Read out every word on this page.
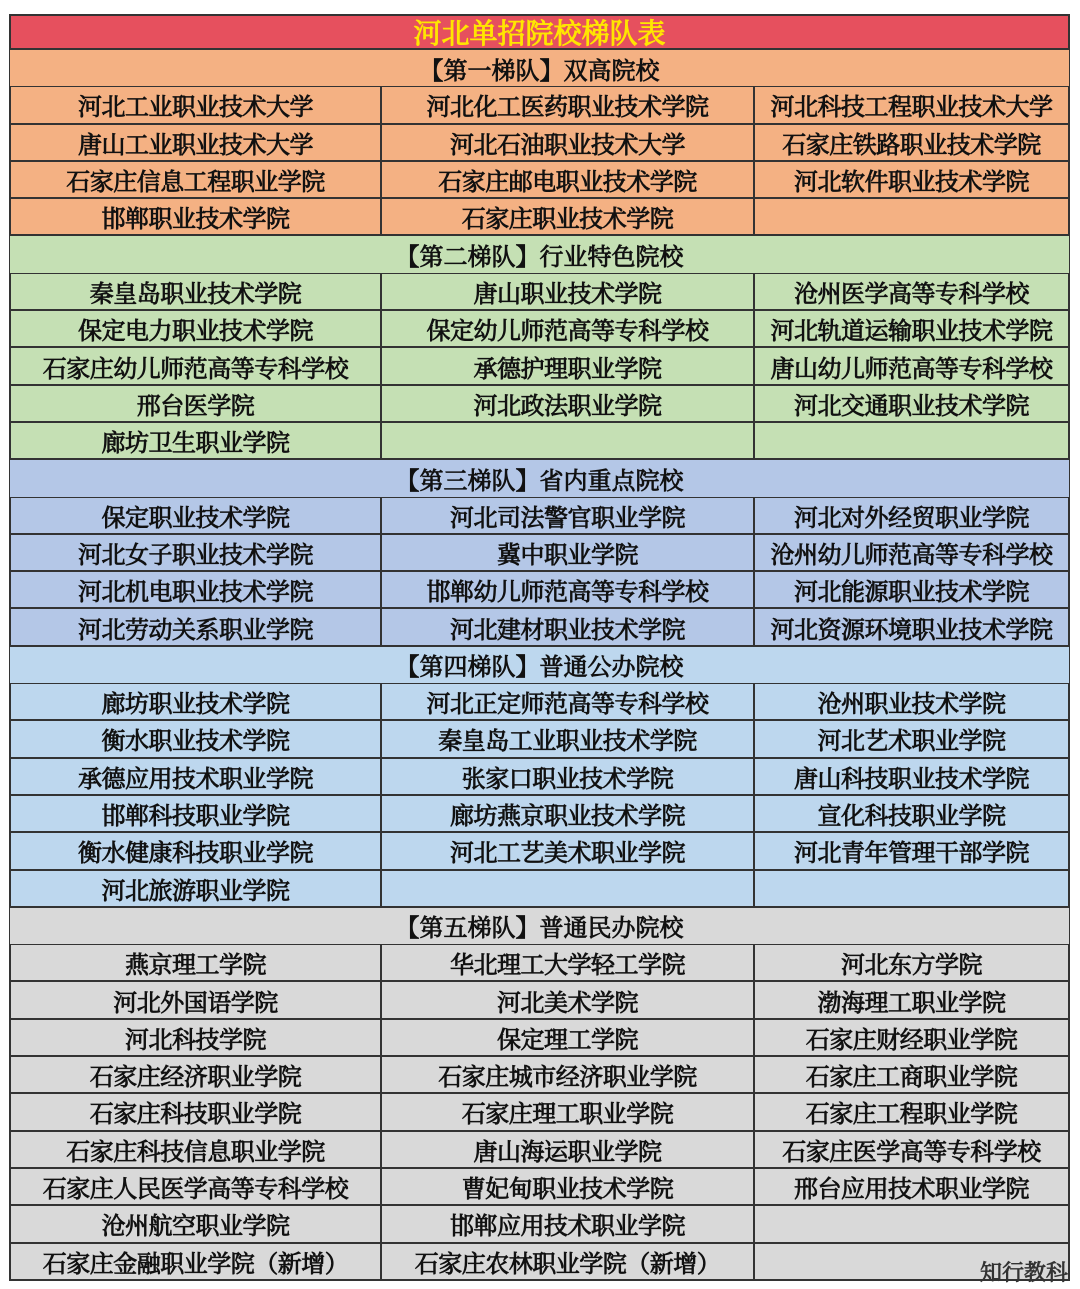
河北单招院校梯队表
【第一梯队】双高院校
河北工业职业技术大学	河北化工医药职业技术学院	河北科技工程职业技术大学
唐山工业职业技术大学	河北石油职业技术大学	石家庄铁路职业技术学院
石家庄信息工程职业学院	石家庄邮电职业技术学院	河北软件职业技术学院
邯郸职业技术学院	石家庄职业技术学院
【第二梯队】行业特色院校
秦皇岛职业技术学院	唐山职业技术学院	沧州医学高等专科学校
保定电力职业技术学院	保定幼儿师范高等专科学校	河北轨道运输职业技术学院
石家庄幼儿师范高等专科学校	承德护理职业学院	唐山幼儿师范高等专科学校
邢台医学院	河北政法职业学院	河北交通职业技术学院
廊坊卫生职业学院
【第三梯队】省内重点院校
保定职业技术学院	河北司法警官职业学院	河北对外经贸职业学院
河北女子职业技术学院	冀中职业学院	沧州幼儿师范高等专科学校
河北机电职业技术学院	邯郸幼儿师范高等专科学校	河北能源职业技术学院
河北劳动关系职业学院	河北建材职业技术学院	河北资源环境职业技术学院
【第四梯队】普通公办院校
廊坊职业技术学院	河北正定师范高等专科学校	沧州职业技术学院
衡水职业技术学院	秦皇岛工业职业技术学院	河北艺术职业学院
承德应用技术职业学院	张家口职业技术学院	唐山科技职业技术学院
邯郸科技职业学院	廊坊燕京职业技术学院	宣化科技职业学院
衡水健康科技职业学院	河北工艺美术职业学院	河北青年管理干部学院
河北旅游职业学院
【第五梯队】普通民办院校
燕京理工学院	华北理工大学轻工学院	河北东方学院
河北外国语学院	河北美术学院	渤海理工职业学院
河北科技学院	保定理工学院	石家庄财经职业学院
石家庄经济职业学院	石家庄城市经济职业学院	石家庄工商职业学院
石家庄科技职业学院	石家庄理工职业学院	石家庄工程职业学院
石家庄科技信息职业学院	唐山海运职业学院	石家庄医学高等专科学校
石家庄人民医学高等专科学校	曹妃甸职业技术学院	邢台应用技术职业学院
沧州航空职业学院	邯郸应用技术职业学院
石家庄金融职业学院（新增）	石家庄农林职业学院（新增）	知行教科
